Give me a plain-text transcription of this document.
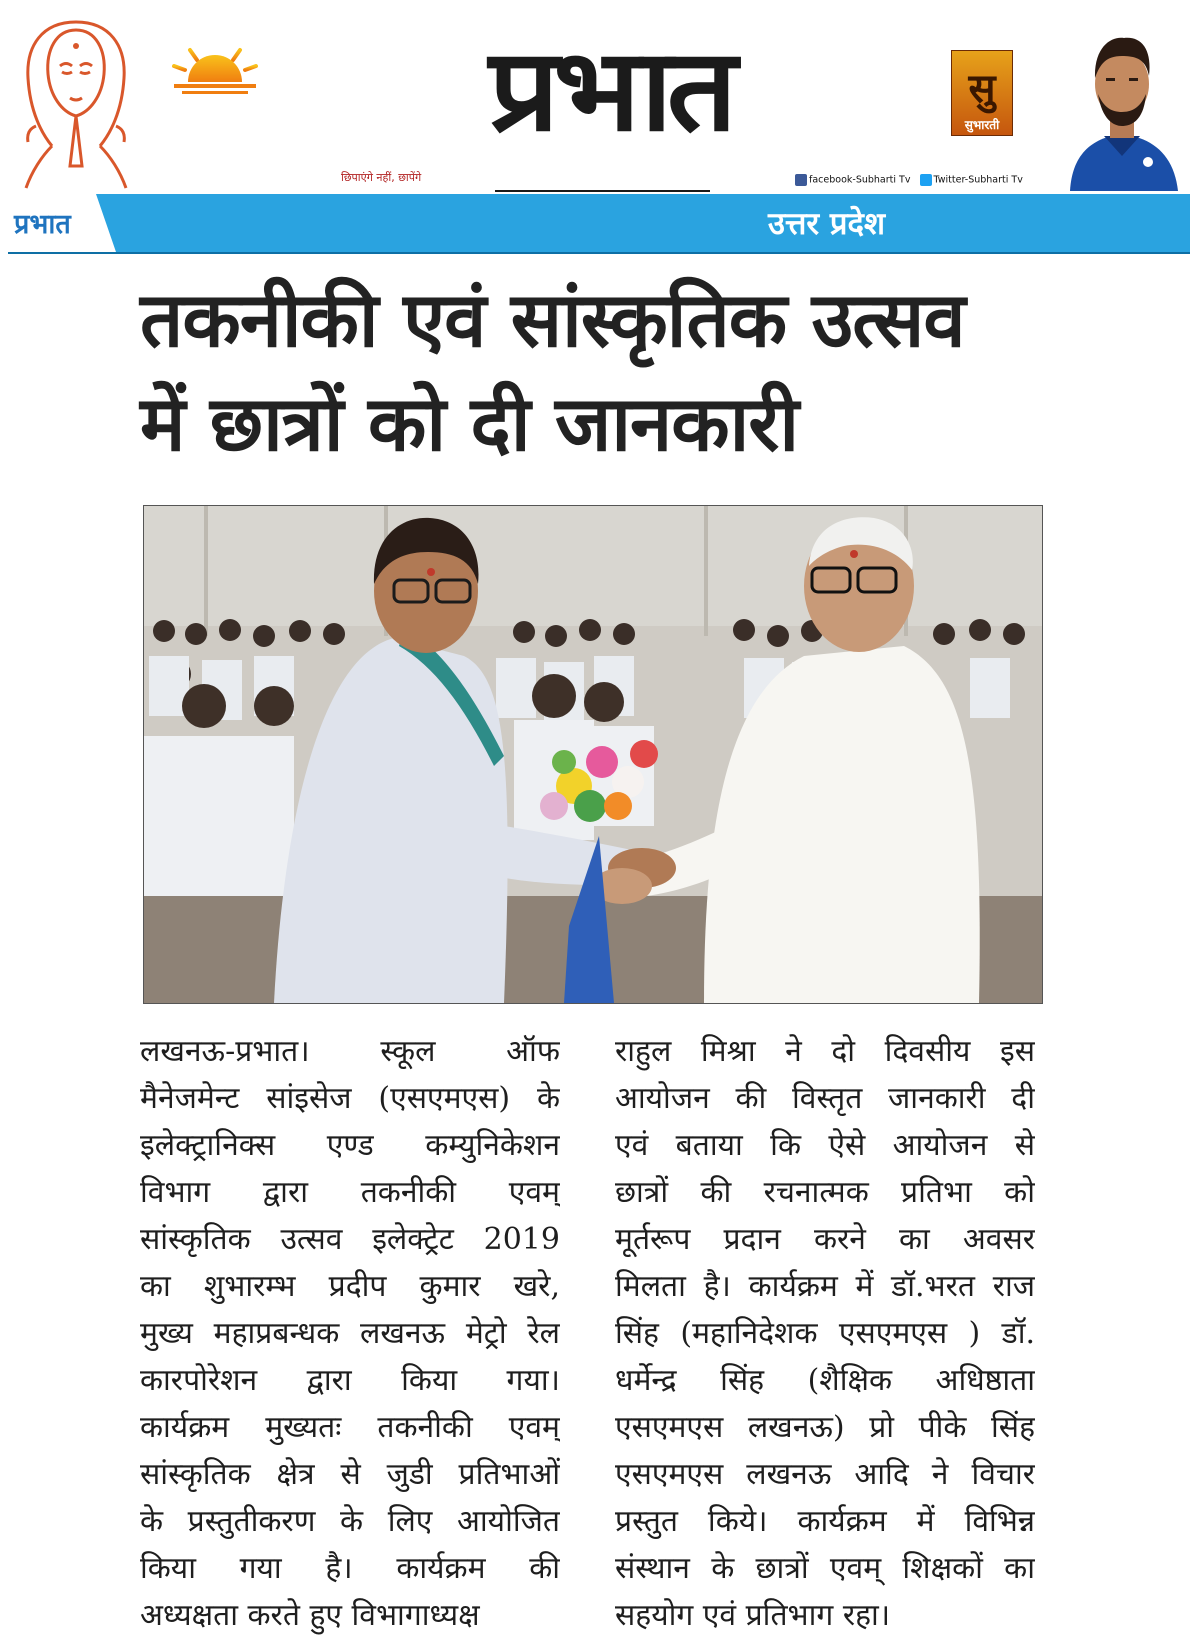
प्रभात
छिपाएंगे नहीं, छापेंगे
सु
सुभारती
facebook-Subharti Tv Twitter-Subharti Tv
प्रभात	उत्तर प्रदेश
तकनीकी एवं सांस्कृतिक उत्सव
में छात्रों को दी जानकारी
लखनऊ-प्रभात। स्कूल ऑफ
मैनेजमेन्ट सांइसेज (एसएमएस) के
इलेक्ट्रानिक्स एण्ड कम्युनिकेशन
विभाग द्वारा तकनीकी एवम्
सांस्कृतिक उत्सव इलेक्ट्रेट 2019
का शुभारम्भ प्रदीप कुमार खरे,
मुख्य महाप्रबन्धक लखनऊ मेट्रो रेल
कारपोरेशन द्वारा किया गया।
कार्यक्रम मुख्यतः तकनीकी एवम्
सांस्कृतिक क्षेत्र से जुडी प्रतिभाओं
के प्रस्तुतीकरण के लिए आयोजित
किया गया है। कार्यक्रम की
अध्यक्षता करते हुए विभागाध्यक्ष
राहुल मिश्रा ने दो दिवसीय इस
आयोजन की विस्तृत जानकारी दी
एवं बताया कि ऐसे आयोजन से
छात्रों की रचनात्मक प्रतिभा को
मूर्तरूप प्रदान करने का अवसर
मिलता है। कार्यक्रम में डॉ.भरत राज
सिंह (महानिदेशक एसएमएस ) डॉ.
धर्मेन्द्र सिंह (शैक्षिक अधिष्ठाता
एसएमएस लखनऊ) प्रो पीके सिंह
एसएमएस लखनऊ आदि ने विचार
प्रस्तुत किये। कार्यक्रम में विभिन्न
संस्थान के छात्रों एवम् शिक्षकों का
सहयोग एवं प्रतिभाग रहा।
